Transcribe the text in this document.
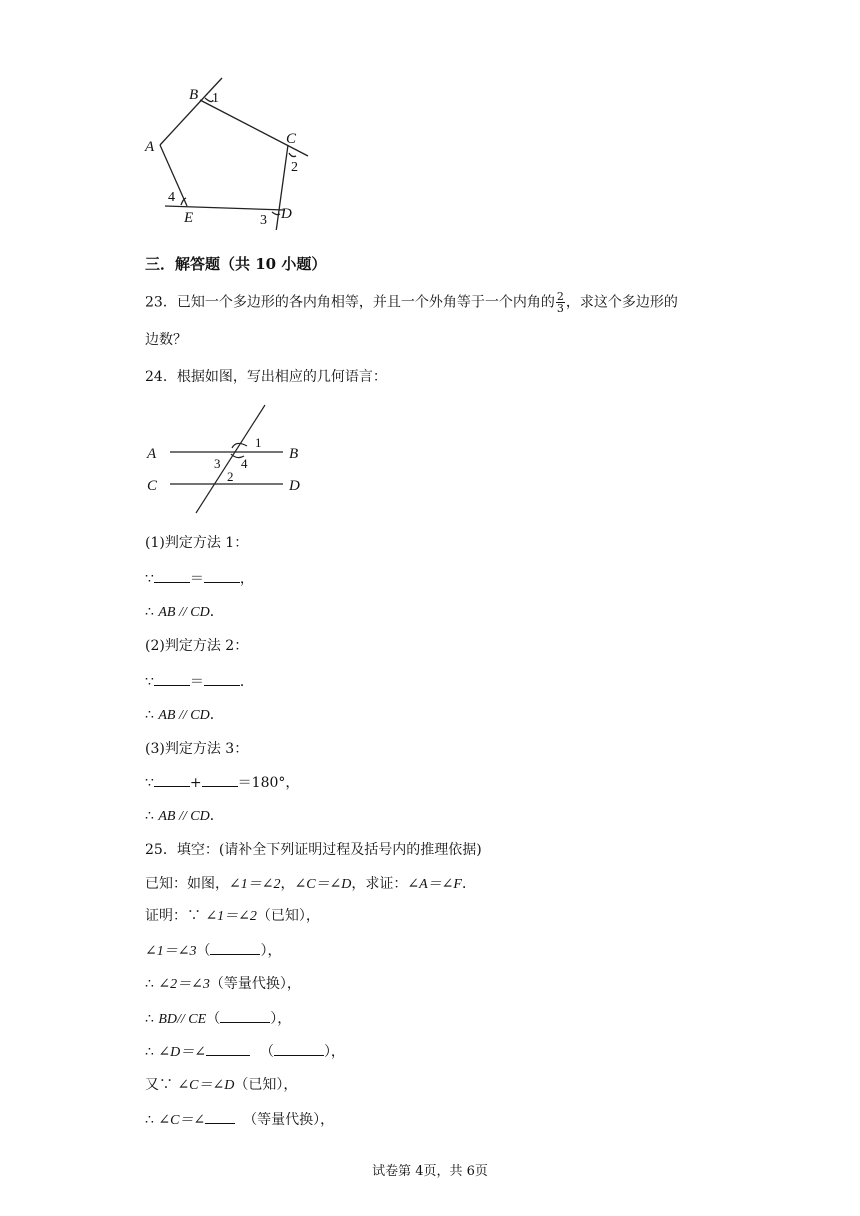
B
A	C
E	D
1
2
3
4
三．解答题（共 10 小题）
23．已知一个多边形的各内角相等，并且一个外角等于一个内角的 $\frac{2}{3}$ ，求这个多边形的
边数？
24．根据如图，写出相应的几何语言：
A	B
C	D
1
3 4
2
(1)判定方法 1：
∵	＝	，
∴ AB // CD．
(2)判定方法 2：
∵	＝	．
∴ AB // CD．
(3)判定方法 3：
∵	+	＝180°，
∴ AB // CD．
25．填空：(请补全下列证明过程及括号内的推理依据)
已知：如图，∠1＝∠2，∠C＝∠D，求证：∠A＝∠F．
证明：∵ ∠1＝∠2（已知），
∠1＝∠3（	），
∴ ∠2＝∠3（等量代换），
∴ BD// CE（	），
∴ ∠D＝∠	（	），
又∵ ∠C＝∠D（已知），
∴ ∠C＝∠	（等量代换），
试卷第 4页，共 6页
